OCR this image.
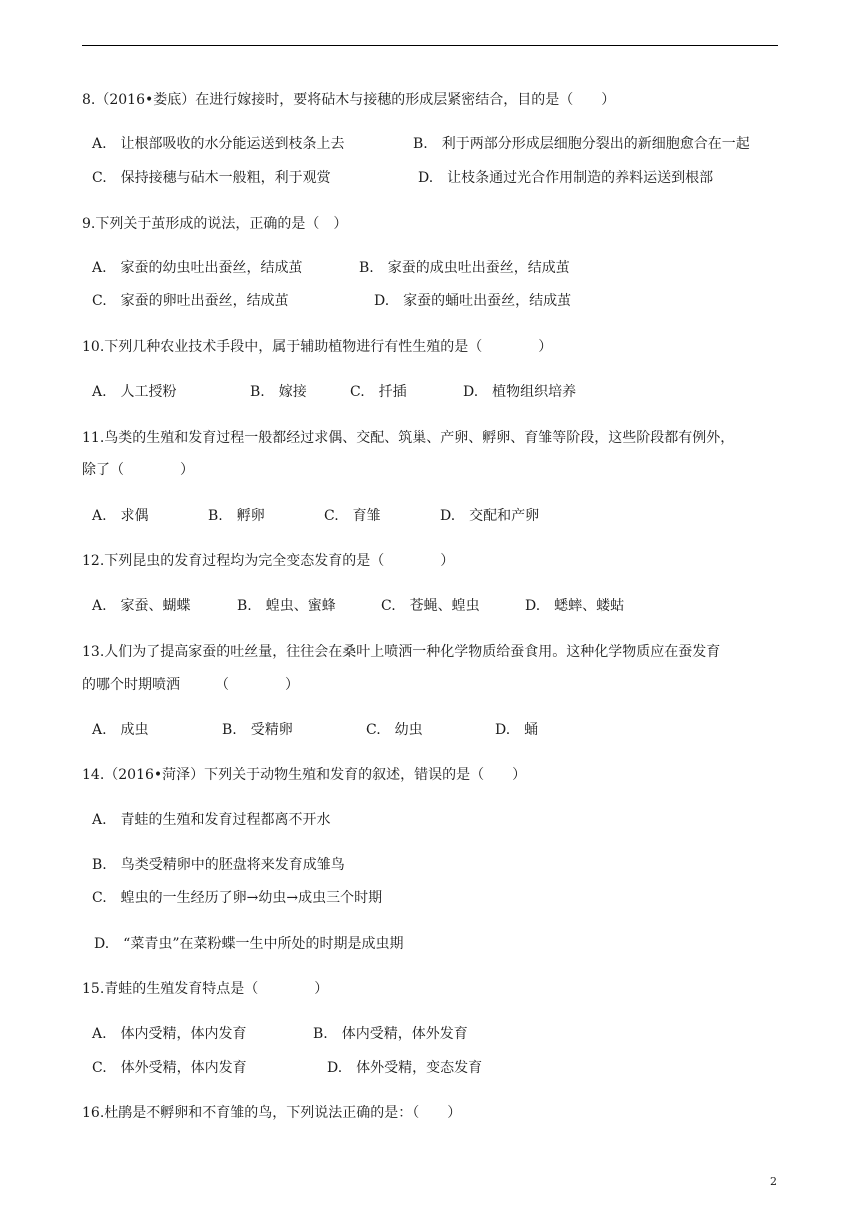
8.（2016•娄底）在进行嫁接时，要将砧木与接穗的形成层紧密结合，目的是（　　）
A.　让根部吸收的水分能运送到枝条上去	B.　利于两部分形成层细胞分裂出的新细胞愈合在一起
C.　保持接穗与砧木一般粗，利于观赏	D.　让枝条通过光合作用制造的养料运送到根部
9.下列关于茧形成的说法，正确的是（　）
A.　家蚕的幼虫吐出蚕丝，结成茧	B.　家蚕的成虫吐出蚕丝，结成茧
C.　家蚕的卵吐出蚕丝，结成茧	D.　家蚕的蛹吐出蚕丝，结成茧
10.下列几种农业技术手段中，属于辅助植物进行有性生殖的是（　　　　）
A.　人工授粉	B.　嫁接	C.　扦插	D.　植物组织培养
11.鸟类的生殖和发育过程一般都经过求偶、交配、筑巢、产卵、孵卵、育雏等阶段，这些阶段都有例外，
除了（　　　　）
A.　求偶	B.　孵卵	C.　育雏	D.　交配和产卵
12.下列昆虫的发育过程均为完全变态发育的是（　　　　）
A.　家蚕、蝴蝶	B.　蝗虫、蜜蜂	C.　苍蝇、蝗虫	D.　蟋蟀、蝼蛄
13.人们为了提高家蚕的吐丝量，往往会在桑叶上喷洒一种化学物质给蚕食用。这种化学物质应在蚕发育
的哪个时期喷洒　　　（　　　　）
A.　成虫	B.　受精卵	C.　幼虫	D.　蛹
14.（2016•菏泽）下列关于动物生殖和发育的叙述，错误的是（　　）
A.　青蛙的生殖和发育过程都离不开水
B.　鸟类受精卵中的胚盘将来发育成雏鸟
C.　蝗虫的一生经历了卵→幼虫→成虫三个时期
D.　“菜青虫”在菜粉蝶一生中所处的时期是成虫期
15.青蛙的生殖发育特点是（　　　　）
A.　体内受精，体内发育	B.　体内受精，体外发育
C.　体外受精，体内发育	D.　体外受精，变态发育
16.杜鹃是不孵卵和不育雏的鸟，下列说法正确的是：（　　）
2
